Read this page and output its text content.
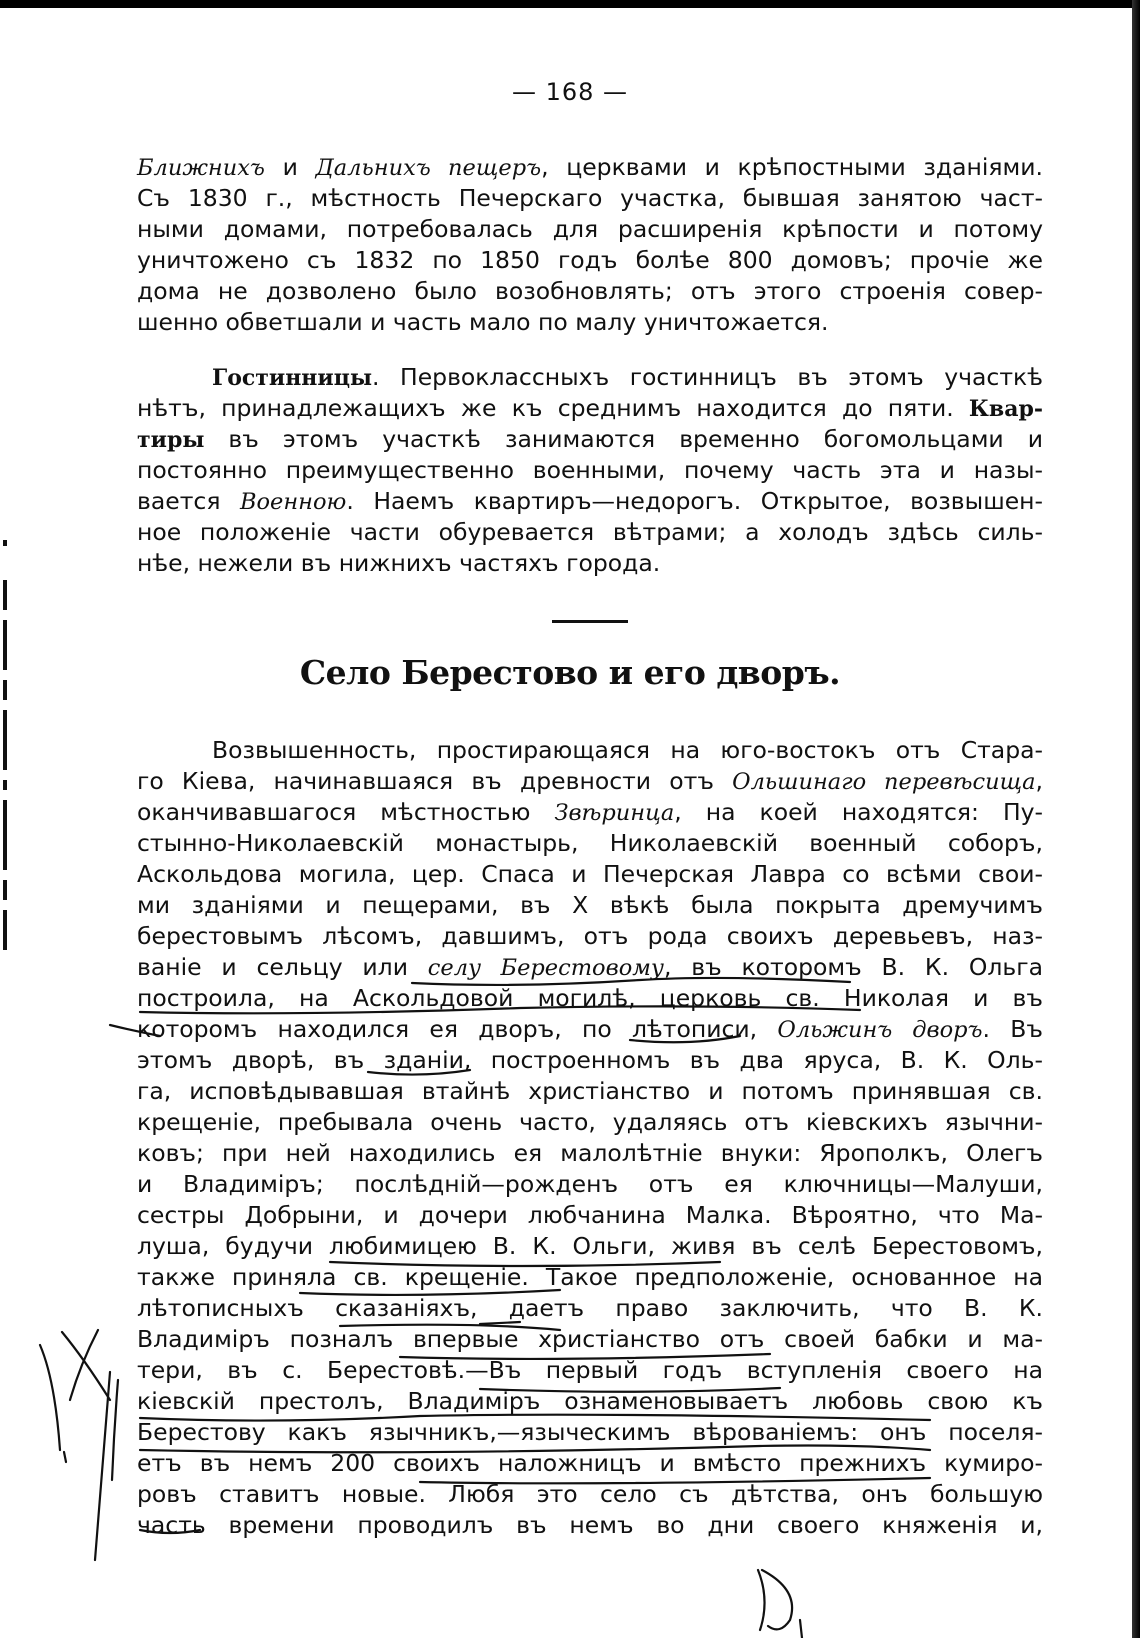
— 168 —
Ближнихъ и Дальнихъ пещеръ, церквами и крѣпостными зданіями.
Съ 1830 г., мѣстность Печерскаго участка, бывшая занятою част-
ными домами, потребовалась для расширенія крѣпости и потому
уничтожено съ 1832 по 1850 годъ болѣе 800 домовъ; прочіе же
дома не дозволено было возобновлять; отъ этого строенія совер-
шенно обветшали и часть мало по малу уничтожается.
Гостинницы. Первоклассныхъ гостинницъ въ этомъ участкѣ
нѣтъ, принадлежащихъ же къ среднимъ находится до пяти. Квар-
тиры въ этомъ участкѣ занимаются временно богомольцами и
постоянно преимущественно военными, почему часть эта и назы-
вается Военною. Наемъ квартиръ—недорогъ. Открытое, возвышен-
ное положеніе части обуревается вѣтрами; а холодъ здѣсь силь-
нѣе, нежели въ нижнихъ частяхъ города.
Село Берестово и его дворъ.
Возвышенность, простирающаяся на юго-востокъ отъ Стара-
го Кіева, начинавшаяся въ древности отъ Ольшинаго перевѣсища,
оканчивавшагося мѣстностью Звѣринца, на коей находятся: Пу-
стынно-Николаевскій монастырь, Николаевскій военный соборъ,
Аскольдова могила, цер. Спаса и Печерская Лавра со всѣми свои-
ми зданіями и пещерами, въ X вѣкѣ была покрыта дремучимъ
берестовымъ лѣсомъ, давшимъ, отъ рода своихъ деревьевъ, наз-
ваніе и сельцу или селу Берестовому, въ которомъ В. К. Ольга
построила, на Аскольдовой могилѣ, церковь св. Николая и въ
которомъ находился ея дворъ, по лѣтописи, Ольжинъ дворъ. Въ
этомъ дворѣ, въ зданіи, построенномъ въ два яруса, В. К. Оль-
га, исповѣдывавшая втайнѣ христіанство и потомъ принявшая св.
крещеніе, пребывала очень часто, удаляясь отъ кіевскихъ язычни-
ковъ; при ней находились ея малолѣтніе внуки: Ярополкъ, Олегъ
и Владиміръ; послѣдній—рожденъ отъ ея ключницы—Малуши,
сестры Добрыни, и дочери любчанина Малка. Вѣроятно, что Ма-
луша, будучи любимицею В. К. Ольги, живя въ селѣ Берестовомъ,
также приняла св. крещеніе. Такое предположеніе, основанное на
лѣтописныхъ сказаніяхъ, даетъ право заключить, что В. К.
Владиміръ позналъ впервые христіанство отъ своей бабки и ма-
тери, въ с. Берестовѣ.—Въ первый годъ вступленія своего на
кіевскій престолъ, Владиміръ ознаменовываетъ любовь свою къ
Берестову какъ язычникъ,—языческимъ вѣрованіемъ: онъ поселя-
етъ въ немъ 200 своихъ наложницъ и вмѣсто прежнихъ кумиро-
ровъ ставитъ новые. Любя это село съ дѣтства, онъ большую
часть времени проводилъ въ немъ во дни своего княженія и,
